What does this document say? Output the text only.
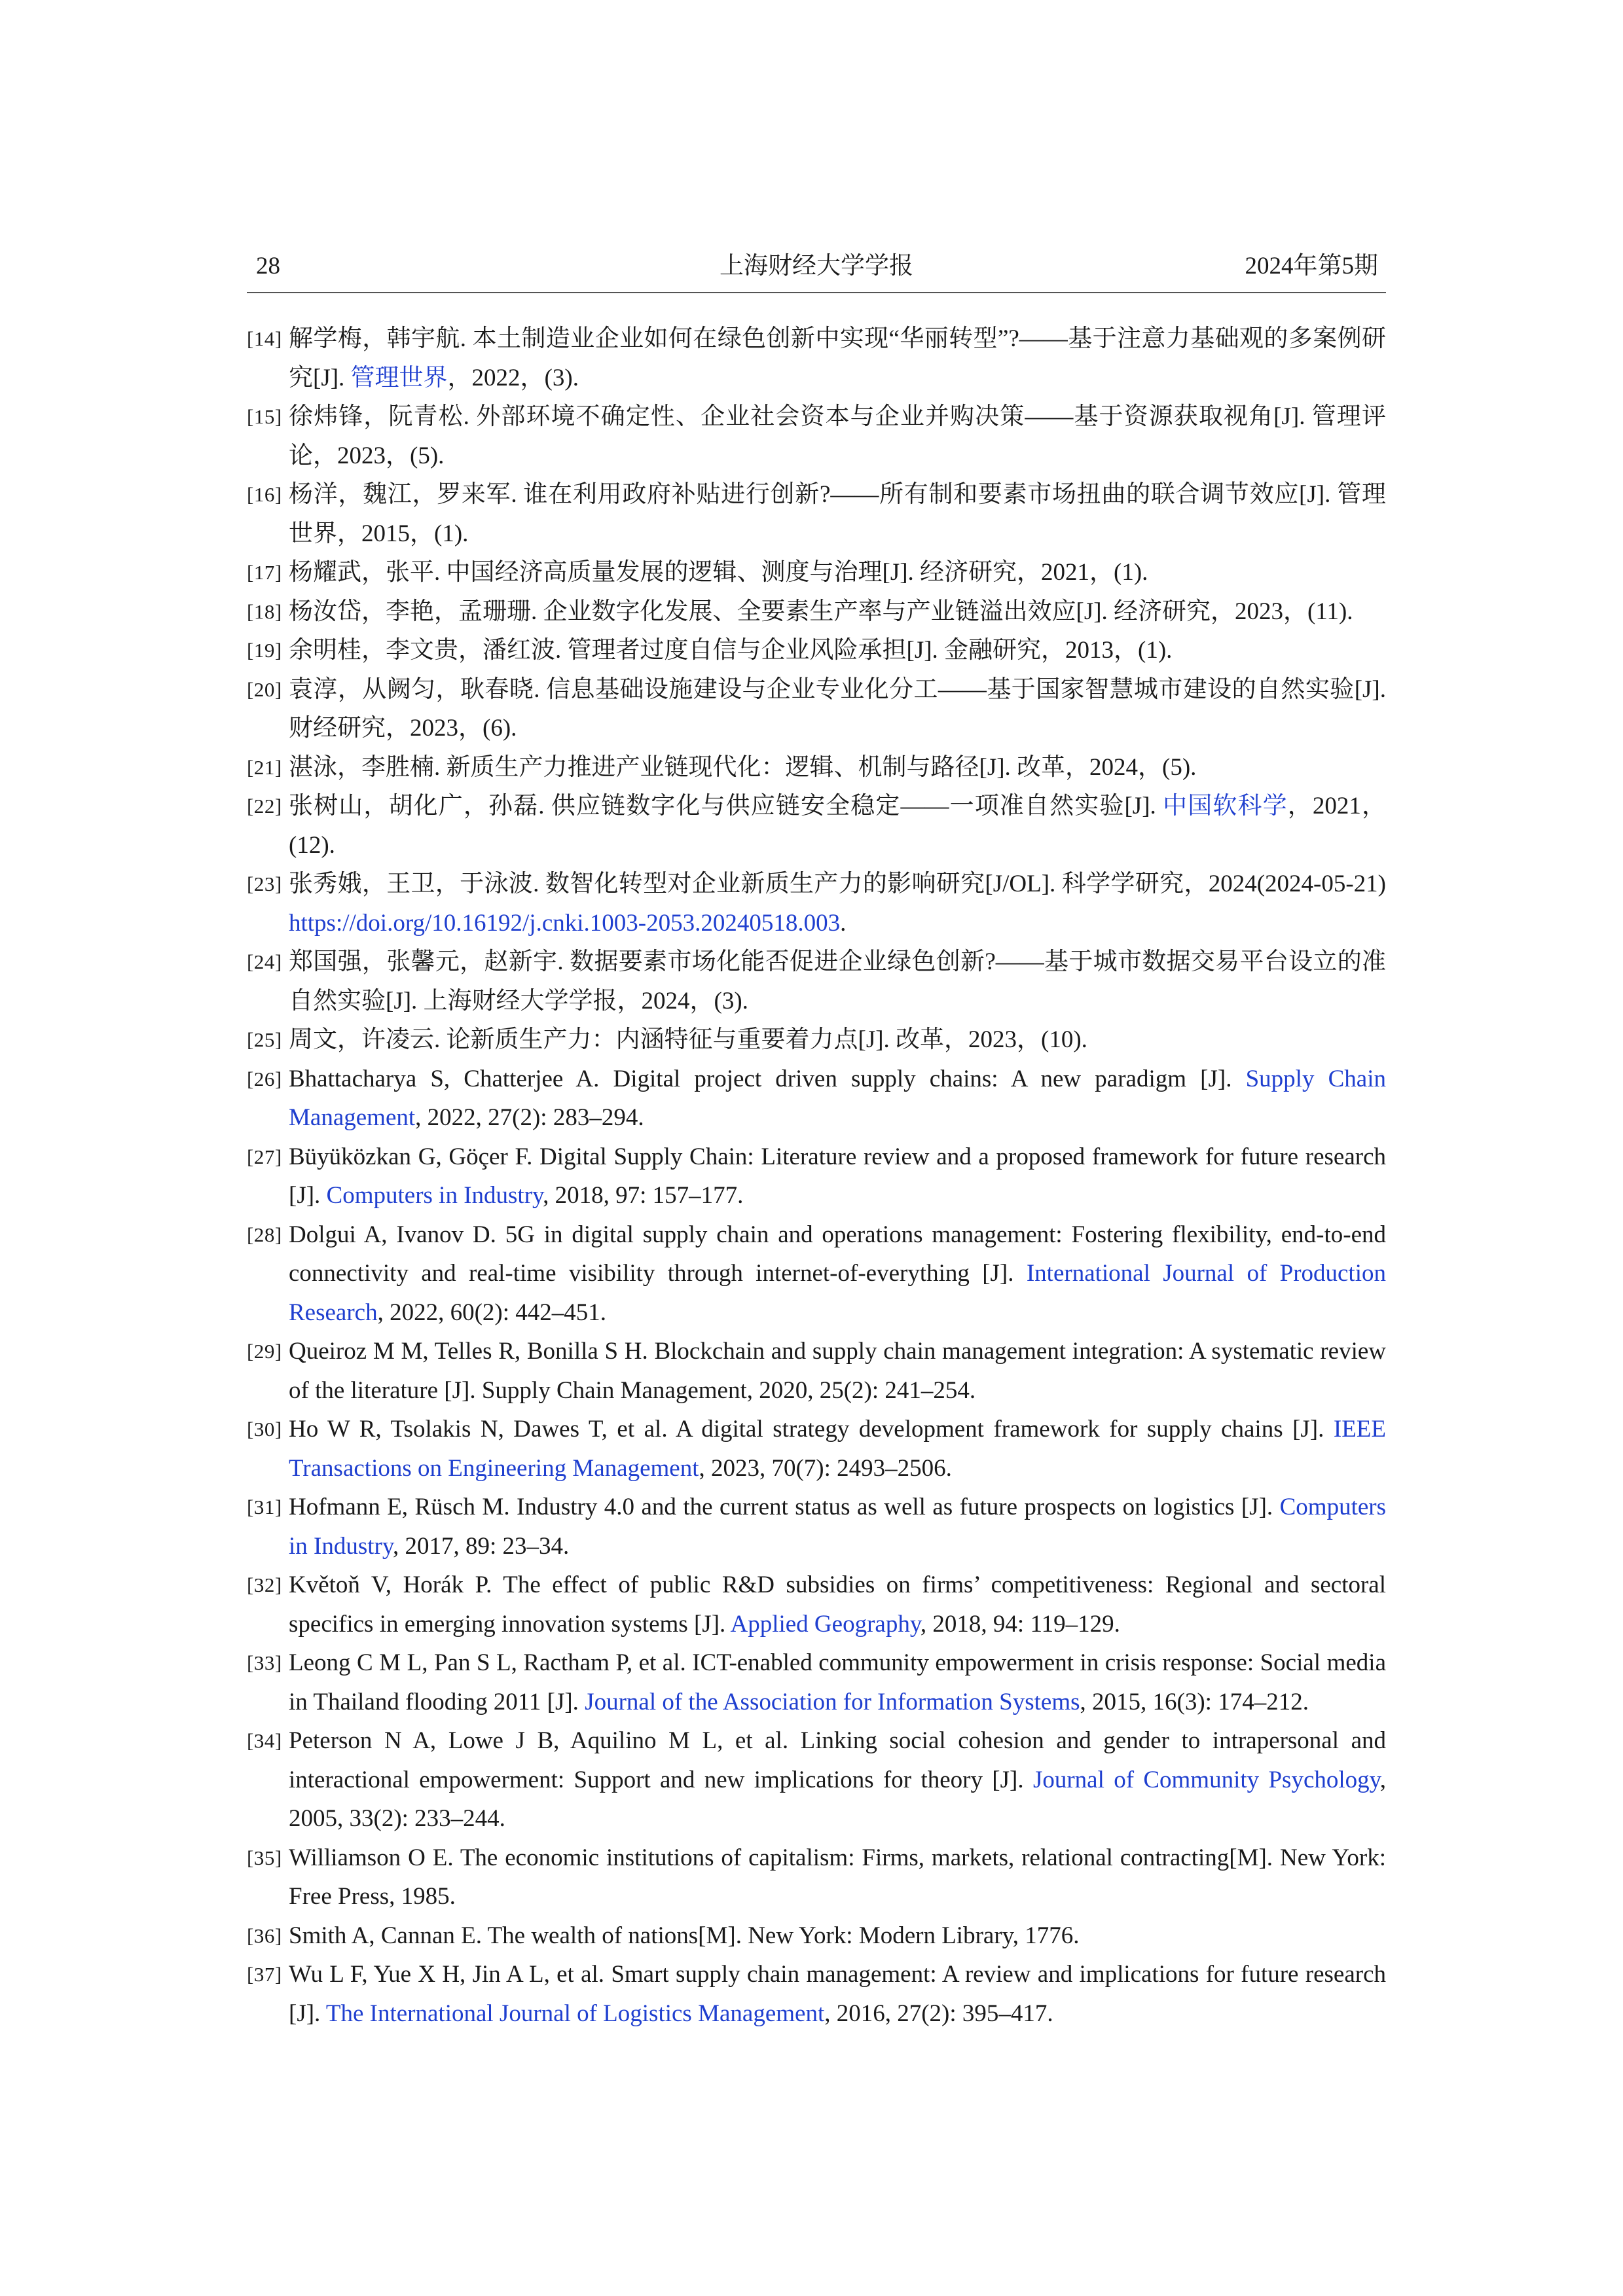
28	上海财经大学学报	2024年第5期
[14] 解学梅，韩宇航. 本土制造业企业如何在绿色创新中实现“华丽转型”?——基于注意力基础观的多案例研究[J]. 管理世界，2022，(3).
[15] 徐炜锋，阮青松. 外部环境不确定性、企业社会资本与企业并购决策——基于资源获取视角[J]. 管理评论，2023，(5).
[16] 杨洋，魏江，罗来军. 谁在利用政府补贴进行创新?——所有制和要素市场扭曲的联合调节效应[J]. 管理世界，2015，(1).
[17] 杨耀武，张平. 中国经济高质量发展的逻辑、测度与治理[J]. 经济研究，2021，(1).
[18] 杨汝岱，李艳，孟珊珊. 企业数字化发展、全要素生产率与产业链溢出效应[J]. 经济研究，2023，(11).
[19] 余明桂，李文贵，潘红波. 管理者过度自信与企业风险承担[J]. 金融研究，2013，(1).
[20] 袁淳，从阙匀，耿春晓. 信息基础设施建设与企业专业化分工——基于国家智慧城市建设的自然实验[J]. 财经研究，2023，(6).
[21] 湛泳，李胜楠. 新质生产力推进产业链现代化：逻辑、机制与路径[J]. 改革，2024，(5).
[22] 张树山，胡化广，孙磊. 供应链数字化与供应链安全稳定——一项准自然实验[J]. 中国软科学，2021，(12).
[23] 张秀娥，王卫，于泳波. 数智化转型对企业新质生产力的影响研究[J/OL]. 科学学研究，2024(2024-05-21) https://doi.org/10.16192/j.cnki.1003-2053.20240518.003.
[24] 郑国强，张馨元，赵新宇. 数据要素市场化能否促进企业绿色创新?——基于城市数据交易平台设立的准自然实验[J]. 上海财经大学学报，2024，(3).
[25] 周文，许凌云. 论新质生产力：内涵特征与重要着力点[J]. 改革，2023，(10).
[26] Bhattacharya S, Chatterjee A. Digital project driven supply chains: A new paradigm [J]. Supply Chain Management, 2022, 27(2): 283–294.
[27] Büyüközkan G, Göçer F. Digital Supply Chain: Literature review and a proposed framework for future research [J]. Computers in Industry, 2018, 97: 157–177.
[28] Dolgui A, Ivanov D. 5G in digital supply chain and operations management: Fostering flexibility, end-to-end connectivity and real-time visibility through internet-of-everything [J]. International Journal of Production Research, 2022, 60(2): 442–451.
[29] Queiroz M M, Telles R, Bonilla S H. Blockchain and supply chain management integration: A systematic review of the literature [J]. Supply Chain Management, 2020, 25(2): 241–254.
[30] Ho W R, Tsolakis N, Dawes T, et al. A digital strategy development framework for supply chains [J]. IEEE Transactions on Engineering Management, 2023, 70(7): 2493–2506.
[31] Hofmann E, Rüsch M. Industry 4.0 and the current status as well as future prospects on logistics [J]. Computers in Industry, 2017, 89: 23–34.
[32] Květoň V, Horák P. The effect of public R&D subsidies on firms’ competitiveness: Regional and sectoral specifics in emerging innovation systems [J]. Applied Geography, 2018, 94: 119–129.
[33] Leong C M L, Pan S L, Ractham P, et al. ICT-enabled community empowerment in crisis response: Social media in Thailand flooding 2011 [J]. Journal of the Association for Information Systems, 2015, 16(3): 174–212.
[34] Peterson N A, Lowe J B, Aquilino M L, et al. Linking social cohesion and gender to intrapersonal and interactional empowerment: Support and new implications for theory [J]. Journal of Community Psychology, 2005, 33(2): 233–244.
[35] Williamson O E. The economic institutions of capitalism: Firms, markets, relational contracting[M]. New York: Free Press, 1985.
[36] Smith A, Cannan E. The wealth of nations[M]. New York: Modern Library, 1776.
[37] Wu L F, Yue X H, Jin A L, et al. Smart supply chain management: A review and implications for future research [J]. The International Journal of Logistics Management, 2016, 27(2): 395–417.
